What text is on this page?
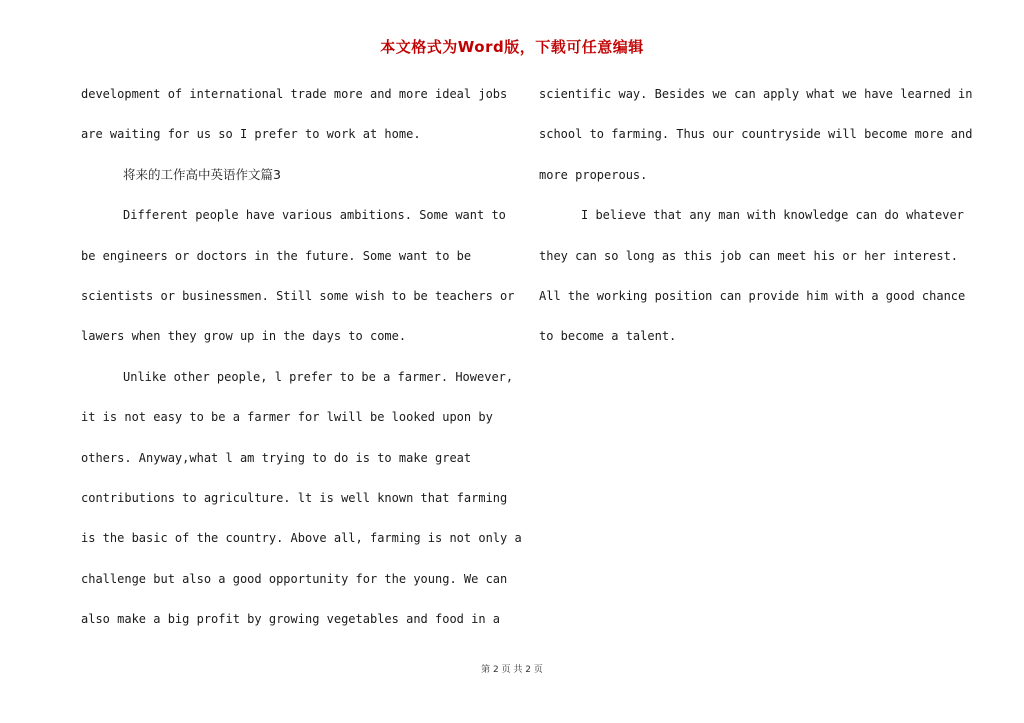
本文格式为Word版，下载可任意编辑
development of international trade more and more ideal jobs
are waiting for us so I prefer to work at home.
将来的工作高中英语作文篇3
Different people have various ambitions. Some want to
be engineers or doctors in the future. Some want to be
scientists or businessmen. Still some wish to be teachers or
lawers when they grow up in the days to come.
Unlike other people, l prefer to be a farmer. However,
it is not easy to be a farmer for lwill be looked upon by
others. Anyway,what l am trying to do is to make great
contributions to agriculture. lt is well known that farming
is the basic of the country. Above all, farming is not only a
challenge but also a good opportunity for the young. We can
also make a big profit by growing vegetables and food in a
scientific way. Besides we can apply what we have learned in
school to farming. Thus our countryside will become more and
more properous.
I believe that any man with knowledge can do whatever
they can so long as this job can meet his or her interest.
All the working position can provide him with a good chance
to become a talent.
第 2 页 共 2 页
